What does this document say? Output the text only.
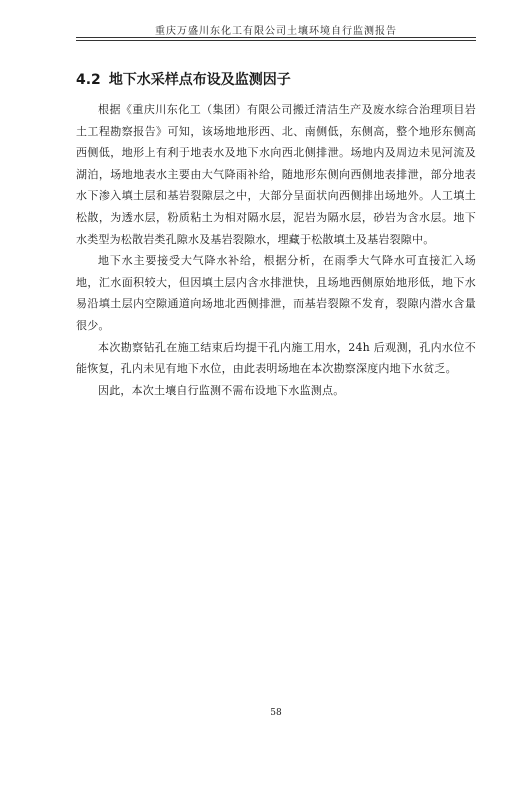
重庆万盛川东化工有限公司土壤环境自行监测报告
4.2 地下水采样点布设及监测因子

根据《重庆川东化工（集团）有限公司搬迁清洁生产及废水综合治理项目岩土工程勘察报告》可知，该场地地形西、北、南侧低，东侧高，整个地形东侧高西侧低，地形上有利于地表水及地下水向西北侧排泄。场地内及周边未见河流及湖泊，场地地表水主要由大气降雨补给，随地形东侧向西侧地表排泄，部分地表水下渗入填土层和基岩裂隙层之中，大部分呈面状向西侧排出场地外。人工填土松散，为透水层，粉质粘土为相对隔水层，泥岩为隔水层，砂岩为含水层。地下水类型为松散岩类孔隙水及基岩裂隙水，埋藏于松散填土及基岩裂隙中。

地下水主要接受大气降水补给，根据分析，在雨季大气降水可直接汇入场地，汇水面积较大，但因填土层内含水排泄快，且场地西侧原始地形低，地下水易沿填土层内空隙通道向场地北西侧排泄，而基岩裂隙不发育，裂隙内潜水含量很少。

本次勘察钻孔在施工结束后均提干孔内施工用水，24h 后观测，孔内水位不能恢复，孔内未见有地下水位，由此表明场地在本次勘察深度内地下水贫乏。

因此，本次土壤自行监测不需布设地下水监测点。

58
